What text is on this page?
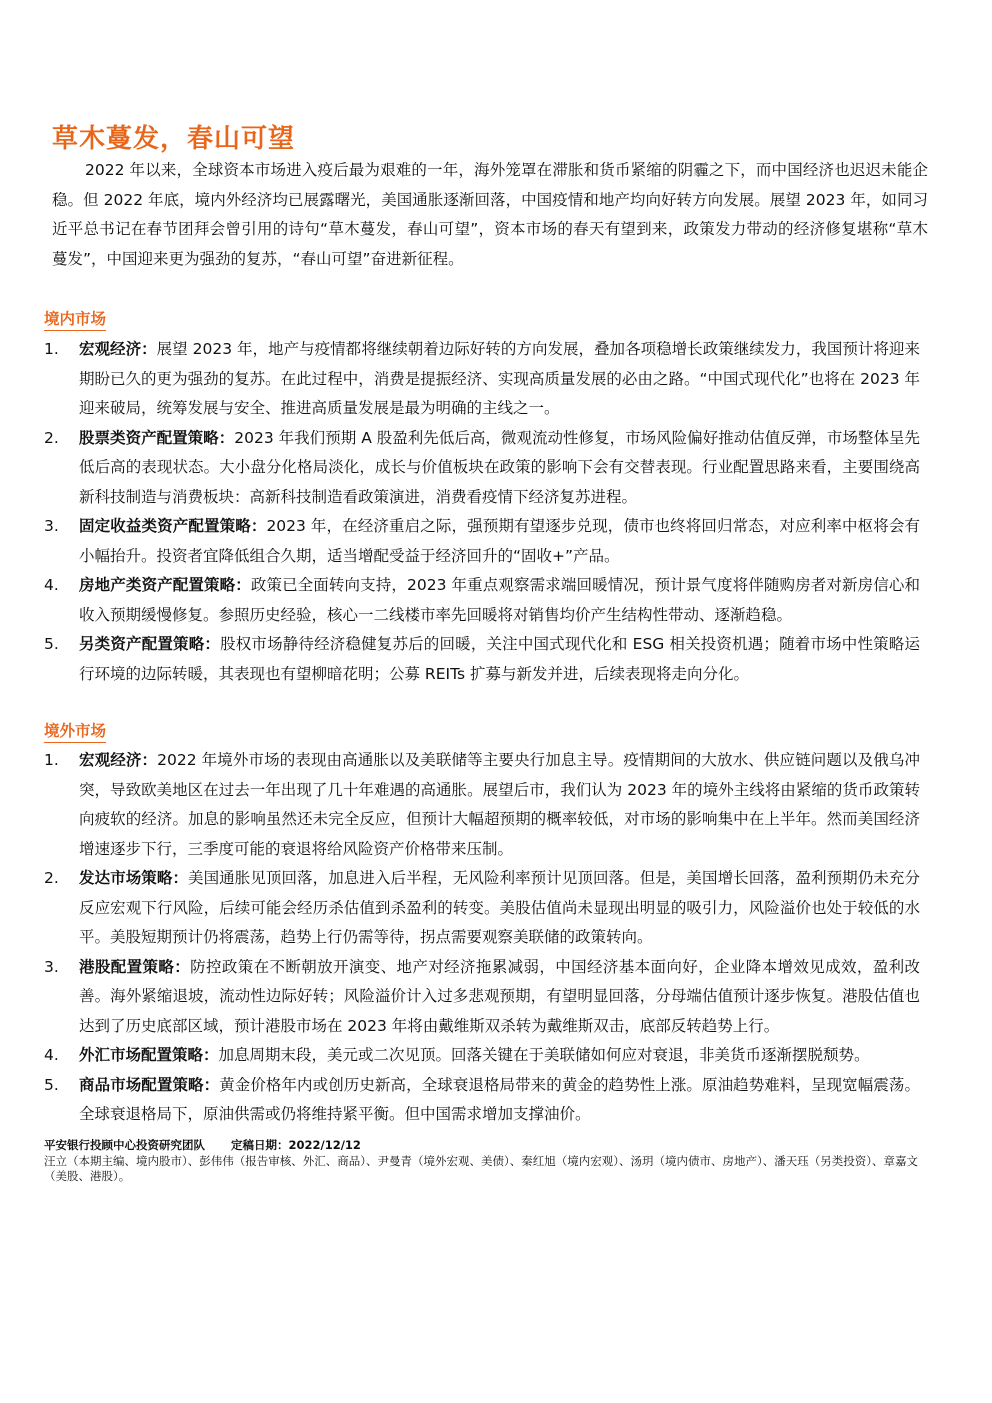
草木蔓发，春山可望

2022 年以来，全球资本市场进入疫后最为艰难的一年，海外笼罩在滞胀和货币紧缩的阴霾之下，而中国经济也迟迟未能企稳。但 2022 年底，境内外经济均已展露曙光，美国通胀逐渐回落，中国疫情和地产均向好转方向发展。展望 2023 年，如同习近平总书记在春节团拜会曾引用的诗句“草木蔓发，春山可望”，资本市场的春天有望到来，政策发力带动的经济修复堪称“草木蔓发”，中国迎来更为强劲的复苏，“春山可望”奋进新征程。

境内市场
1. 宏观经济：展望 2023 年，地产与疫情都将继续朝着边际好转的方向发展，叠加各项稳增长政策继续发力，我国预计将迎来期盼已久的更为强劲的复苏。在此过程中，消费是提振经济、实现高质量发展的必由之路。“中国式现代化”也将在 2023 年迎来破局，统筹发展与安全、推进高质量发展是最为明确的主线之一。
2. 股票类资产配置策略：2023 年我们预期 A 股盈利先低后高，微观流动性修复，市场风险偏好推动估值反弹，市场整体呈先低后高的表现状态。大小盘分化格局淡化，成长与价值板块在政策的影响下会有交替表现。行业配置思路来看，主要围绕高新科技制造与消费板块：高新科技制造看政策演进，消费看疫情下经济复苏进程。
3. 固定收益类资产配置策略：2023 年，在经济重启之际，强预期有望逐步兑现，债市也终将回归常态，对应利率中枢将会有小幅抬升。投资者宜降低组合久期，适当增配受益于经济回升的“固收+”产品。
4. 房地产类资产配置策略：政策已全面转向支持，2023 年重点观察需求端回暖情况，预计景气度将伴随购房者对新房信心和收入预期缓慢修复。参照历史经验，核心一二线楼市率先回暖将对销售均价产生结构性带动、逐渐趋稳。
5. 另类资产配置策略：股权市场静待经济稳健复苏后的回暖，关注中国式现代化和 ESG 相关投资机遇；随着市场中性策略运行环境的边际转暖，其表现也有望柳暗花明；公募 REITs 扩募与新发并进，后续表现将走向分化。
境外市场
1. 宏观经济：2022 年境外市场的表现由高通胀以及美联储等主要央行加息主导。疫情期间的大放水、供应链问题以及俄乌冲突，导致欧美地区在过去一年出现了几十年难遇的高通胀。展望后市，我们认为 2023 年的境外主线将由紧缩的货币政策转向疲软的经济。加息的影响虽然还未完全反应，但预计大幅超预期的概率较低，对市场的影响集中在上半年。然而美国经济增速逐步下行，三季度可能的衰退将给风险资产价格带来压制。
2. 发达市场策略：美国通胀见顶回落，加息进入后半程，无风险利率预计见顶回落。但是，美国增长回落，盈利预期仍未充分反应宏观下行风险，后续可能会经历杀估值到杀盈利的转变。美股估值尚未显现出明显的吸引力，风险溢价也处于较低的水平。美股短期预计仍将震荡，趋势上行仍需等待，拐点需要观察美联储的政策转向。
3. 港股配置策略：防控政策在不断朝放开演变、地产对经济拖累减弱，中国经济基本面向好，企业降本增效见成效，盈利改善。海外紧缩退坡，流动性边际好转；风险溢价计入过多悲观预期，有望明显回落，分母端估值预计逐步恢复。港股估值也达到了历史底部区域，预计港股市场在 2023 年将由戴维斯双杀转为戴维斯双击，底部反转趋势上行。
4. 外汇市场配置策略：加息周期末段，美元或二次见顶。回落关键在于美联储如何应对衰退，非美货币逐渐摆脱颓势。
5. 商品市场配置策略：黄金价格年内或创历史新高，全球衰退格局带来的黄金的趋势性上涨。原油趋势难料，呈现宽幅震荡。全球衰退格局下，原油供需或仍将维持紧平衡。但中国需求增加支撑油价。
平安银行投顾中心投资研究团队 定稿日期：2022/12/12
汪立（本期主编、境内股市）、彭伟伟（报告审核、外汇、商品）、尹曼青（境外宏观、美债）、秦红旭（境内宏观）、汤玥（境内债市、房地产）、潘天珏（另类投资）、章嘉文（美股、港股）。
